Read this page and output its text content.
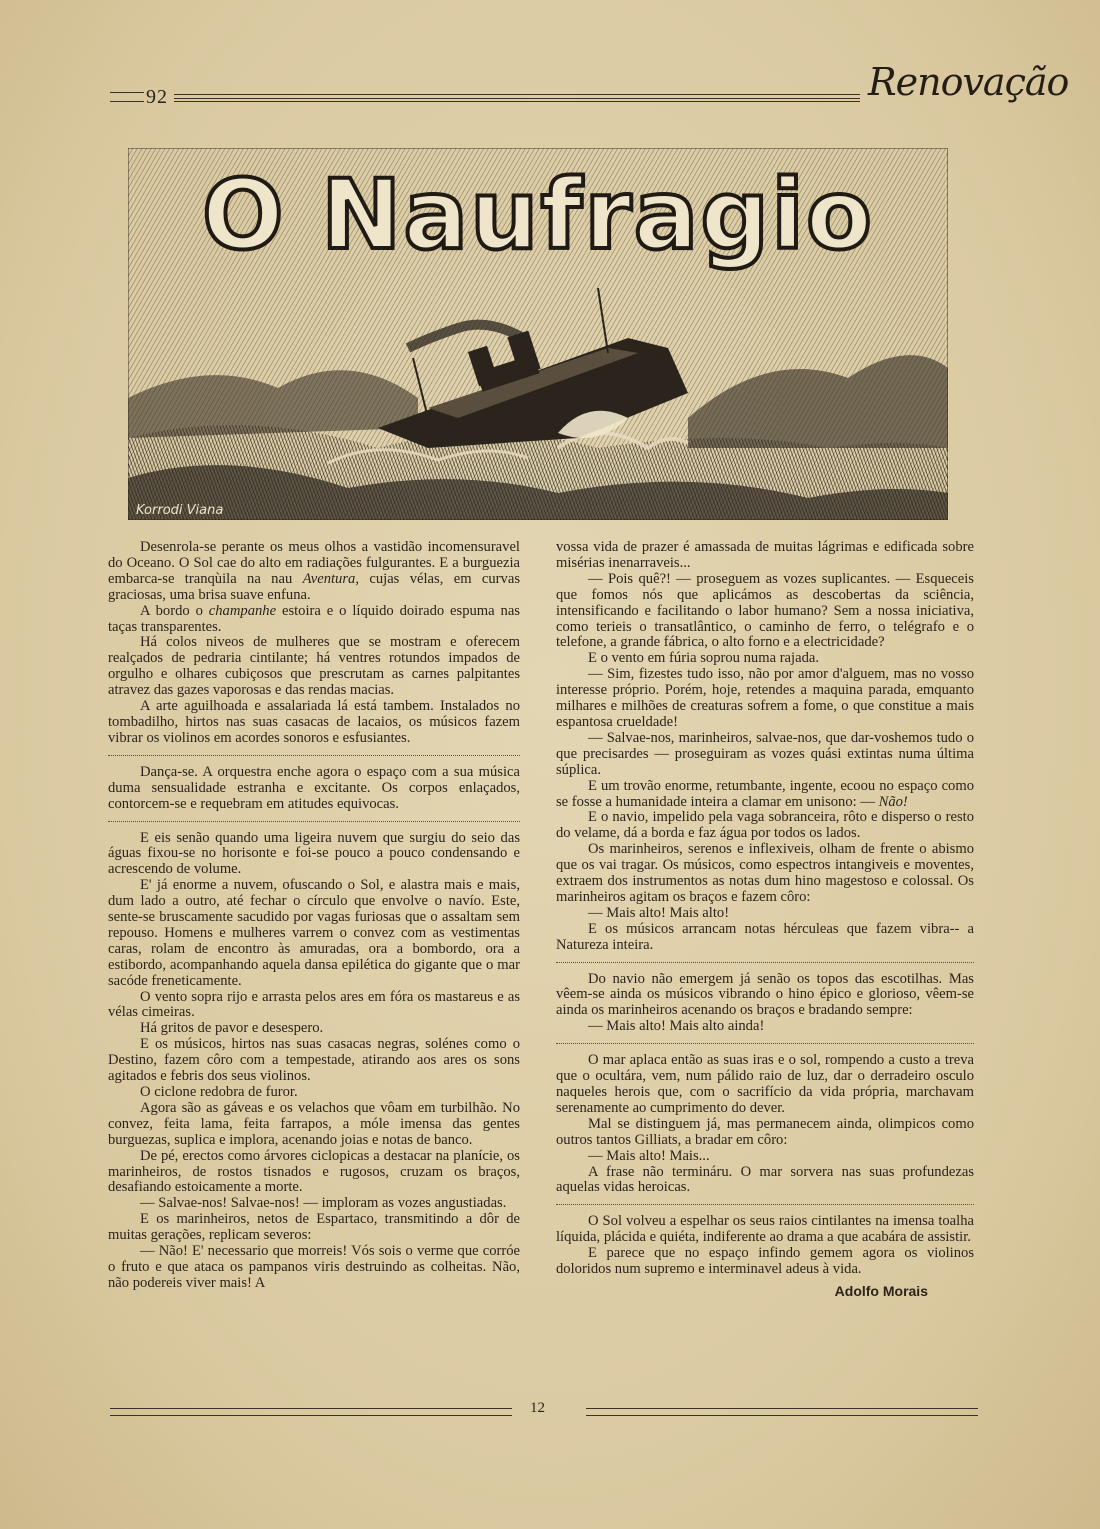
92	Renovação
O Naufragio
Korrodi Viana

Desenrola-se perante os meus olhos a vastidão incomensuravel do Oceano. O Sol cae do alto em radiações fulgurantes. E a burguezia embarca-se tranqùila na nau Aventura, cujas vélas, em curvas graciosas, uma brisa suave enfuna.

A bordo o champanhe estoira e o líquido doirado espuma nas taças transparentes.

Há colos niveos de mulheres que se mostram e oferecem realçados de pedraria cintilante; há ventres rotundos impados de orgulho e olhares cubiçosos que prescrutam as carnes palpitantes atravez das gazes vaporosas e das rendas macias.

A arte aguilhoada e assalariada lá está tambem. Instalados no tombadilho, hirtos nas suas casacas de lacaios, os músicos fazem vibrar os violinos em acordes sonoros e esfusiantes.

Dança-se. A orquestra enche agora o espaço com a sua música duma sensualidade estranha e excitante. Os corpos enlaçados, contorcem-se e requebram em atitudes equivocas.

E eis senão quando uma ligeira nuvem que surgiu do seio das águas fixou-se no horisonte e foi-se pouco a pouco condensando e acrescendo de volume.

E' já enorme a nuvem, ofuscando o Sol, e alastra mais e mais, dum lado a outro, até fechar o círculo que envolve o navío. Este, sente-se bruscamente sacudido por vagas furiosas que o assaltam sem repouso. Homens e mulheres varrem o convez com as vestimentas caras, rolam de encontro às amuradas, ora a bombordo, ora a estibordo, acompanhando aquela dansa epilética do gigante que o mar sacóde freneticamente.

O vento sopra rijo e arrasta pelos ares em fóra os mastareus e as vélas cimeiras.

Há gritos de pavor e desespero.

E os músicos, hirtos nas suas casacas negras, solénes como o Destino, fazem côro com a tempestade, atirando aos ares os sons agitados e febris dos seus violinos.

O ciclone redobra de furor.

Agora são as gáveas e os velachos que vôam em turbilhão. No convez, feita lama, feita farrapos, a móle imensa das gentes burguezas, suplica e implora, acenando joias e notas de banco.

De pé, erectos como árvores ciclopicas a destacar na planície, os marinheiros, de rostos tisnados e rugosos, cruzam os braços, desafiando estoicamente a morte.

— Salvae-nos! Salvae-nos! — imploram as vozes angustiadas.

E os marinheiros, netos de Espartaco, transmitindo a dôr de muitas gerações, replicam severos:

— Não! E' necessario que morreis! Vós sois o verme que corróe o fruto e que ataca os pampanos viris destruindo as colheitas. Não, não podereis viver mais! A

vossa vida de prazer é amassada de muitas lágrimas e edificada sobre misérias inenarraveis...

— Pois quê?! — proseguem as vozes suplicantes. — Esqueceis que fomos nós que aplicámos as descobertas da sciência, intensificando e facilitando o labor humano? Sem a nossa iniciativa, como terieis o transatlântico, o caminho de ferro, o telégrafo e o telefone, a grande fábrica, o alto forno e a electricidade?

E o vento em fúria soprou numa rajada.

— Sim, fizestes tudo isso, não por amor d'alguem, mas no vosso interesse próprio. Porém, hoje, retendes a maquina parada, emquanto milhares e milhões de creaturas sofrem a fome, o que constitue a mais espantosa crueldade!

— Salvae-nos, marinheiros, salvae-nos, que dar-voshemos tudo o que precisardes — proseguiram as vozes quási extintas numa última súplica.

E um trovão enorme, retumbante, ingente, ecoou no espaço como se fosse a humanidade inteira a clamar em unisono: — Não!

E o navio, impelido pela vaga sobranceira, rôto e disperso o resto do velame, dá a borda e faz água por todos os lados.

Os marinheiros, serenos e inflexiveis, olham de frente o abismo que os vai tragar. Os músicos, como espectros intangiveis e moventes, extraem dos instrumentos as notas dum hino magestoso e colossal. Os marinheiros agitam os braços e fazem côro:

— Mais alto! Mais alto!

E os músicos arrancam notas hérculeas que fazem vibra-- a Natureza inteira.

Do navio não emergem já senão os topos das escotilhas. Mas vêem-se ainda os músicos vibrando o hino épico e glorioso, vêem-se ainda os marinheiros acenando os braços e bradando sempre:

— Mais alto! Mais alto ainda!

O mar aplaca então as suas iras e o sol, rompendo a custo a treva que o ocultára, vem, num pálido raio de luz, dar o derradeiro osculo naqueles herois que, com o sacrifício da vida própria, marchavam serenamente ao cumprimento do dever.

Mal se distinguem já, mas permanecem ainda, olimpicos como outros tantos Gilliats, a bradar em côro:

— Mais alto! Mais...

A frase não termináru. O mar sorvera nas suas profundezas aquelas vidas heroicas.

O Sol volveu a espelhar os seus raios cintilantes na imensa toalha líquida, plácida e quiéta, indiferente ao drama a que acabára de assistir.

E parece que no espaço infindo gemem agora os violinos doloridos num supremo e interminavel adeus à vida.

Adolfo Morais
12
